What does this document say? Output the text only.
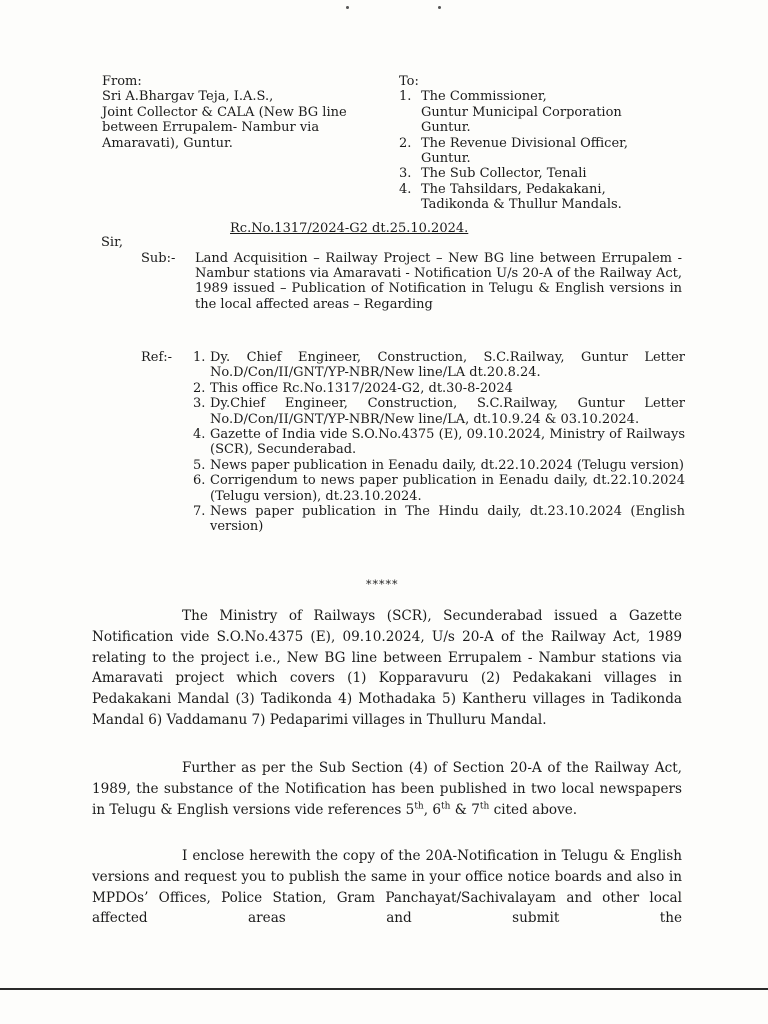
From:
Sri A.Bhargav Teja, I.A.S.,
Joint Collector & CALA (New BG line
between Errupalem- Nambur via
Amaravati), Guntur.
To:
1. The Commissioner,
Guntur Municipal Corporation
Guntur.
2. The Revenue Divisional Officer,
Guntur.
3. The Sub Collector, Tenali
4. The Tahsildars, Pedakakani,
Tadikonda & Thullur Mandals.
Rc.No.1317/2024-G2 dt.25.10.2024.
Sir,
Sub:- Land Acquisition – Railway Project – New BG line between Errupalem - Nambur stations via Amaravati - Notification U/s 20-A of the Railway Act, 1989 issued – Publication of Notification in Telugu & English versions in the local affected areas – Regarding
Ref:- 1. Dy. Chief Engineer, Construction, S.C.Railway, Guntur Letter No.D/Con/II/GNT/YP-NBR/New line/LA dt.20.8.24.
2. This office Rc.No.1317/2024-G2, dt.30-8-2024
3. Dy.Chief Engineer, Construction, S.C.Railway, Guntur Letter No.D/Con/II/GNT/YP-NBR/New line/LA, dt.10.9.24 & 03.10.2024.
4. Gazette of India vide S.O.No.4375 (E), 09.10.2024, Ministry of Railways (SCR), Secunderabad.
5. News paper publication in Eenadu daily, dt.22.10.2024 (Telugu version)
6. Corrigendum to news paper publication in Eenadu daily, dt.22.10.2024 (Telugu version), dt.23.10.2024.
7. News paper publication in The Hindu daily, dt.23.10.2024 (English version)
*****

The Ministry of Railways (SCR), Secunderabad issued a Gazette Notification vide S.O.No.4375 (E), 09.10.2024, U/s 20-A of the Railway Act, 1989 relating to the project i.e., New BG line between Errupalem - Nambur stations via Amaravati project which covers (1) Kopparavuru (2) Pedakakani villages in Pedakakani Mandal (3) Tadikonda 4) Mothadaka 5) Kantheru villages in Tadikonda Mandal 6) Vaddamanu 7) Pedaparimi villages in Thulluru Mandal.

Further as per the Sub Section (4) of Section 20-A of the Railway Act, 1989, the substance of the Notification has been published in two local newspapers in Telugu & English versions vide references 5th, 6th & 7th cited above.

I enclose herewith the copy of the 20A-Notification in Telugu & English versions and request you to publish the same in your office notice boards and also in MPDOs’ Offices, Police Station, Gram Panchayat/Sachivalayam and other local affected areas and submit the
